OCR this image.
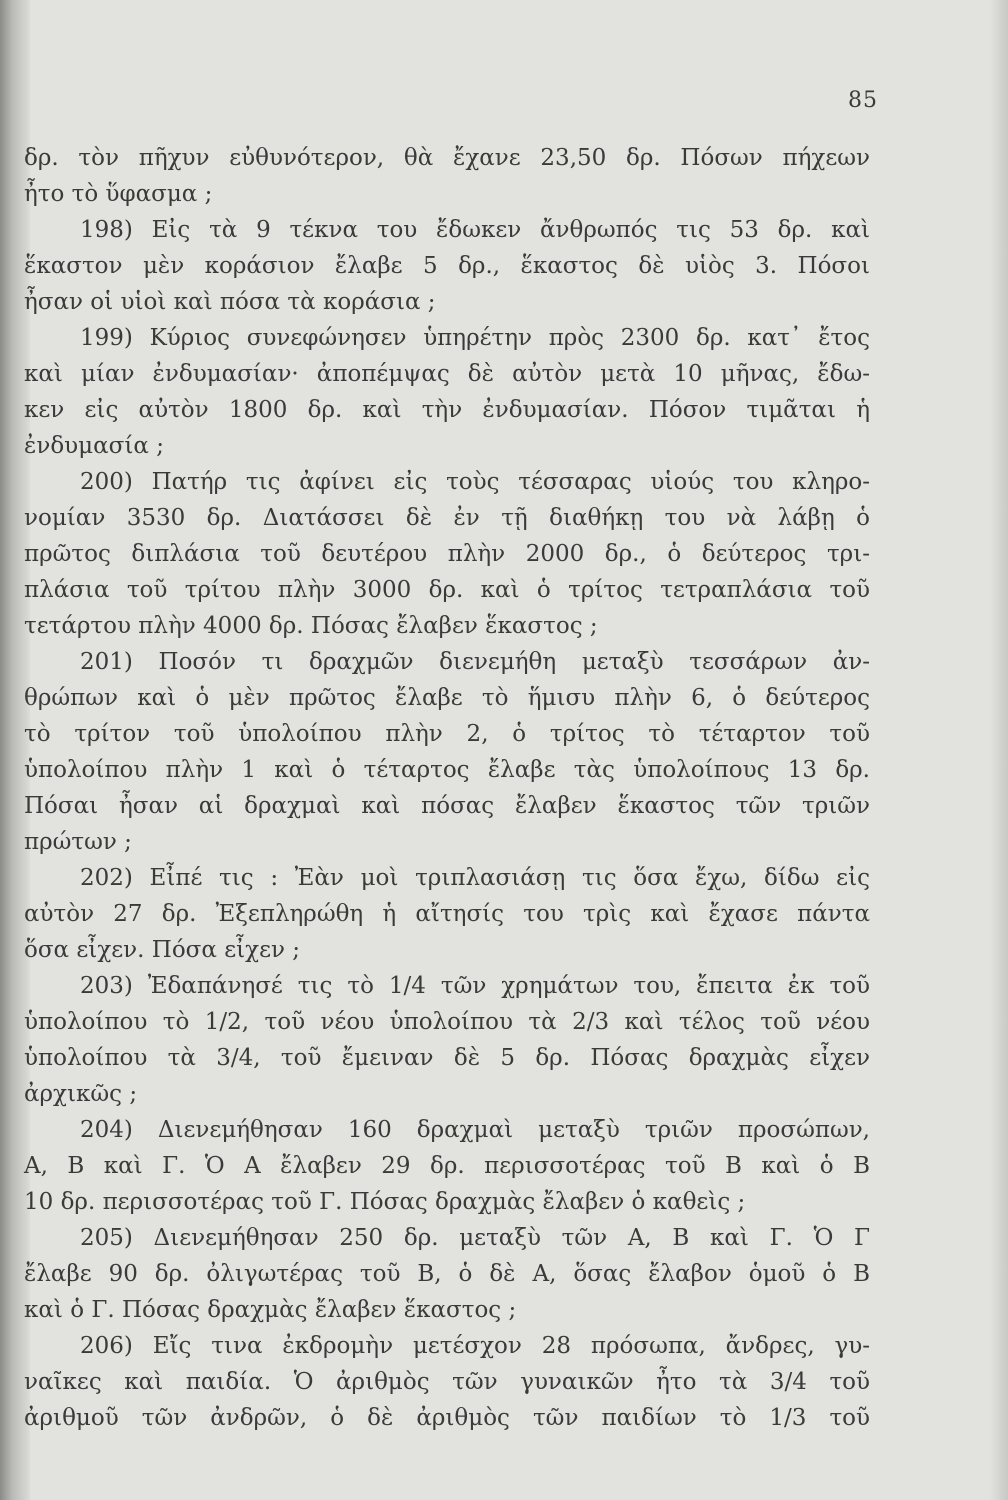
85
δρ. τὸν πῆχυν εὐθυνότερον, θὰ ἔχανε 23,50 δρ. Πόσων πήχεων
ἦτο τὸ ὕφασμα ;
198) Εἰς τὰ 9 τέκνα του ἔδωκεν ἄνθρωπός τις 53 δρ. καὶ
ἕκαστον μὲν κοράσιον ἔλαβε 5 δρ., ἕκαστος δὲ υἱὸς 3. Πόσοι
ἦσαν οἱ υἱοὶ καὶ πόσα τὰ κοράσια ;
199) Κύριος συνεφώνησεν ὑπηρέτην πρὸς 2300 δρ. κατ᾽ ἔτος
καὶ μίαν ἐνδυμασίαν· ἀποπέμψας δὲ αὐτὸν μετὰ 10 μῆνας, ἔδω-
κεν εἰς αὐτὸν 1800 δρ. καὶ τὴν ἐνδυμασίαν. Πόσον τιμᾶται ἡ
ἐνδυμασία ;
200) Πατήρ τις ἀφίνει εἰς τοὺς τέσσαρας υἱούς του κληρο-
νομίαν 3530 δρ. Διατάσσει δὲ ἐν τῇ διαθήκῃ του νὰ λάβῃ ὁ
πρῶτος διπλάσια τοῦ δευτέρου πλὴν 2000 δρ., ὁ δεύτερος τρι-
πλάσια τοῦ τρίτου πλὴν 3000 δρ. καὶ ὁ τρίτος τετραπλάσια τοῦ
τετάρτου πλὴν 4000 δρ. Πόσας ἔλαβεν ἕκαστος ;
201) Ποσόν τι δραχμῶν διενεμήθη μεταξὺ τεσσάρων ἀν-
θρώπων καὶ ὁ μὲν πρῶτος ἔλαβε τὸ ἥμισυ πλὴν 6, ὁ δεύτερος
τὸ τρίτον τοῦ ὑπολοίπου πλὴν 2, ὁ τρίτος τὸ τέταρτον τοῦ
ὑπολοίπου πλὴν 1 καὶ ὁ τέταρτος ἔλαβε τὰς ὑπολοίπους 13 δρ.
Πόσαι ἦσαν αἱ δραχμαὶ καὶ πόσας ἔλαβεν ἕκαστος τῶν τριῶν
πρώτων ;
202) Εἶπέ τις : Ἐὰν μοὶ τριπλασιάσῃ τις ὅσα ἔχω, δίδω εἰς
αὐτὸν 27 δρ. Ἐξεπληρώθη ἡ αἴτησίς του τρὶς καὶ ἔχασε πάντα
ὅσα εἶχεν. Πόσα εἶχεν ;
203) Ἐδαπάνησέ τις τὸ 1/4 τῶν χρημάτων του, ἔπειτα ἐκ τοῦ
ὑπολοίπου τὸ 1/2, τοῦ νέου ὑπολοίπου τὰ 2/3 καὶ τέλος τοῦ νέου
ὑπολοίπου τὰ 3/4, τοῦ ἔμειναν δὲ 5 δρ. Πόσας δραχμὰς εἶχεν
ἀρχικῶς ;
204) Διενεμήθησαν 160 δραχμαὶ μεταξὺ τριῶν προσώπων,
Α, Β καὶ Γ. Ὁ Α ἔλαβεν 29 δρ. περισσοτέρας τοῦ Β καὶ ὁ Β
10 δρ. περισσοτέρας τοῦ Γ. Πόσας δραχμὰς ἔλαβεν ὁ καθεὶς ;
205) Διενεμήθησαν 250 δρ. μεταξὺ τῶν Α, Β καὶ Γ. Ὁ Γ
ἔλαβε 90 δρ. ὀλιγωτέρας τοῦ Β, ὁ δὲ Α, ὅσας ἔλαβον ὁμοῦ ὁ Β
καὶ ὁ Γ. Πόσας δραχμὰς ἔλαβεν ἕκαστος ;
206) Εἴς τινα ἐκδρομὴν μετέσχον 28 πρόσωπα, ἄνδρες, γυ-
ναῖκες καὶ παιδία. Ὁ ἀριθμὸς τῶν γυναικῶν ἦτο τὰ 3/4 τοῦ
ἀριθμοῦ τῶν ἀνδρῶν, ὁ δὲ ἀριθμὸς τῶν παιδίων τὸ 1/3 τοῦ
